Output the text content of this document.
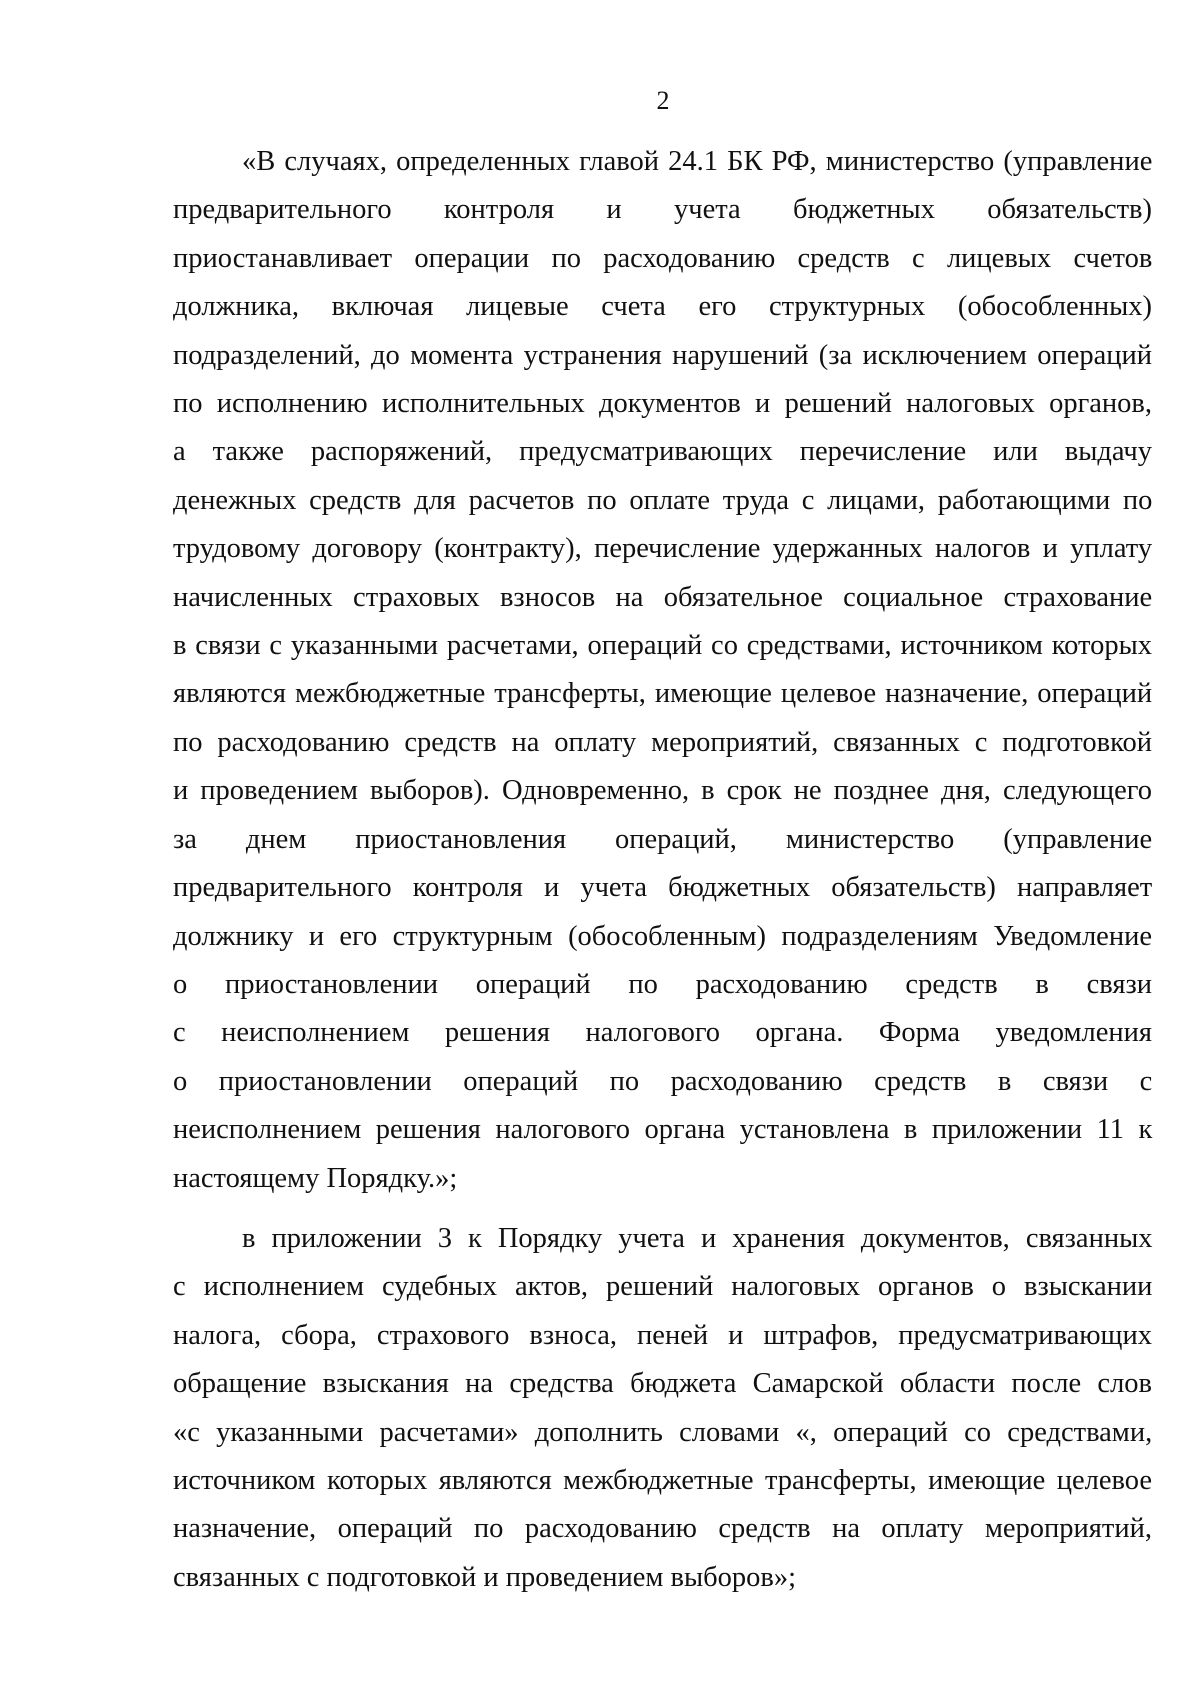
2

«В случаях, определенных главой 24.1 БК РФ, министерство (управление
предварительного контроля и учета бюджетных обязательств)
приостанавливает операции по расходованию средств с лицевых счетов
должника, включая лицевые счета его структурных (обособленных)
подразделений, до момента устранения нарушений (за исключением операций
по исполнению исполнительных документов и решений налоговых органов,
а также распоряжений, предусматривающих перечисление или выдачу
денежных средств для расчетов по оплате труда с лицами, работающими по
трудовому договору (контракту), перечисление удержанных налогов и уплату
начисленных страховых взносов на обязательное социальное страхование
в связи с указанными расчетами, операций со средствами, источником которых
являются межбюджетные трансферты, имеющие целевое назначение, операций
по расходованию средств на оплату мероприятий, связанных с подготовкой
и проведением выборов). Одновременно, в срок не позднее дня, следующего
за днем приостановления операций, министерство (управление
предварительного контроля и учета бюджетных обязательств) направляет
должнику и его структурным (обособленным) подразделениям Уведомление
о приостановлении операций по расходованию средств в связи
с неисполнением решения налогового органа. Форма уведомления
о приостановлении операций по расходованию средств в связи с
неисполнением решения налогового органа установлена в приложении 11 к
настоящему Порядку.»;

в приложении 3 к Порядку учета и хранения документов, связанных
с исполнением судебных актов, решений налоговых органов о взыскании
налога, сбора, страхового взноса, пеней и штрафов, предусматривающих
обращение взыскания на средства бюджета Самарской области после слов
«с указанными расчетами» дополнить словами «, операций со средствами,
источником которых являются межбюджетные трансферты, имеющие целевое
назначение, операций по расходованию средств на оплату мероприятий,
связанных с подготовкой и проведением выборов»;
